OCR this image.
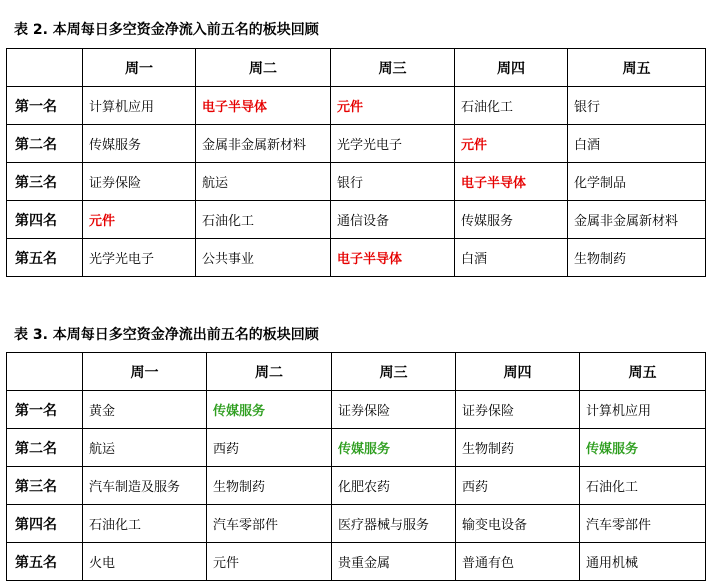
表 2. 本周每日多空资金净流入前五名的板块回顾
	周一	周二	周三	周四	周五
第一名	计算机应用	电子半导体	元件	石油化工	银行
第二名	传媒服务	金属非金属新材料	光学光电子	元件	白酒
第三名	证券保险	航运	银行	电子半导体	化学制品
第四名	元件	石油化工	通信设备	传媒服务	金属非金属新材料
第五名	光学光电子	公共事业	电子半导体	白酒	生物制药
表 3. 本周每日多空资金净流出前五名的板块回顾
	周一	周二	周三	周四	周五
第一名	黄金	传媒服务	证券保险	证券保险	计算机应用
第二名	航运	西药	传媒服务	生物制药	传媒服务
第三名	汽车制造及服务	生物制药	化肥农药	西药	石油化工
第四名	石油化工	汽车零部件	医疗器械与服务	输变电设备	汽车零部件
第五名	火电	元件	贵重金属	普通有色	通用机械
